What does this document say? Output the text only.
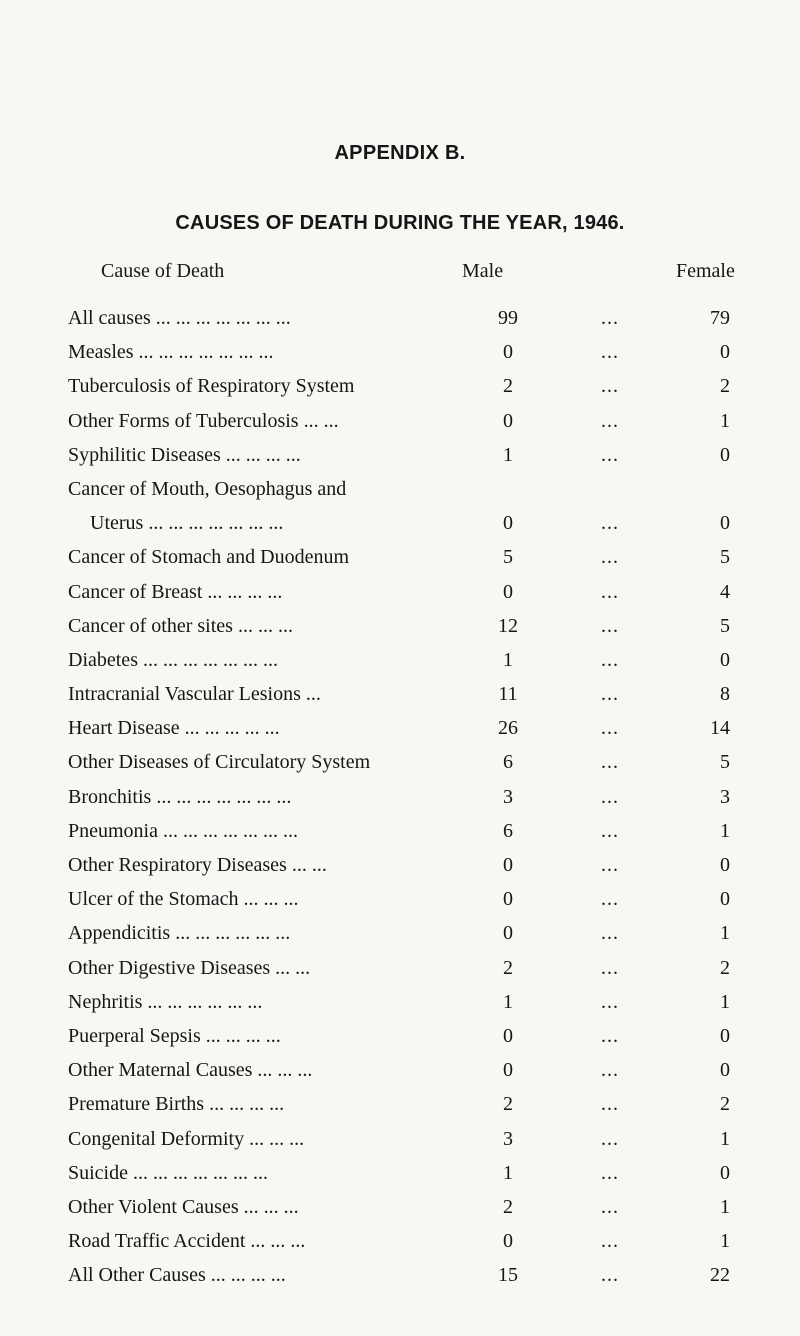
APPENDIX B.
CAUSES OF DEATH DURING THE YEAR, 1946.
Cause of Death	Male	Female
All causes ... ... ... ... ... ... ...	99	...	79
Measles ... ... ... ... ... ... ...	0	...	0
Tuberculosis of Respiratory System	2	...	2
Other Forms of Tuberculosis ... ...	0	...	1
Syphilitic Diseases ... ... ... ...	1	...	0
Cancer of Mouth, Oesophagus and
Uterus ... ... ... ... ... ... ...	0	...	0
Cancer of Stomach and Duodenum	5	...	5
Cancer of Breast ... ... ... ...	0	...	4
Cancer of other sites ... ... ...	12	...	5
Diabetes ... ... ... ... ... ... ...	1	...	0
Intracranial Vascular Lesions ...	11	...	8
Heart Disease ... ... ... ... ...	26	...	14
Other Diseases of Circulatory System	6	...	5
Bronchitis ... ... ... ... ... ... ...	3	...	3
Pneumonia ... ... ... ... ... ... ...	6	...	1
Other Respiratory Diseases ... ...	0	...	0
Ulcer of the Stomach ... ... ...	0	...	0
Appendicitis ... ... ... ... ... ...	0	...	1
Other Digestive Diseases ... ...	2	...	2
Nephritis ... ... ... ... ... ...	1	...	1
Puerperal Sepsis ... ... ... ...	0	...	0
Other Maternal Causes ... ... ...	0	...	0
Premature Births ... ... ... ...	2	...	2
Congenital Deformity ... ... ...	3	...	1
Suicide ... ... ... ... ... ... ...	1	...	0
Other Violent Causes ... ... ...	2	...	1
Road Traffic Accident ... ... ...	0	...	1
All Other Causes ... ... ... ...	15	...	22
